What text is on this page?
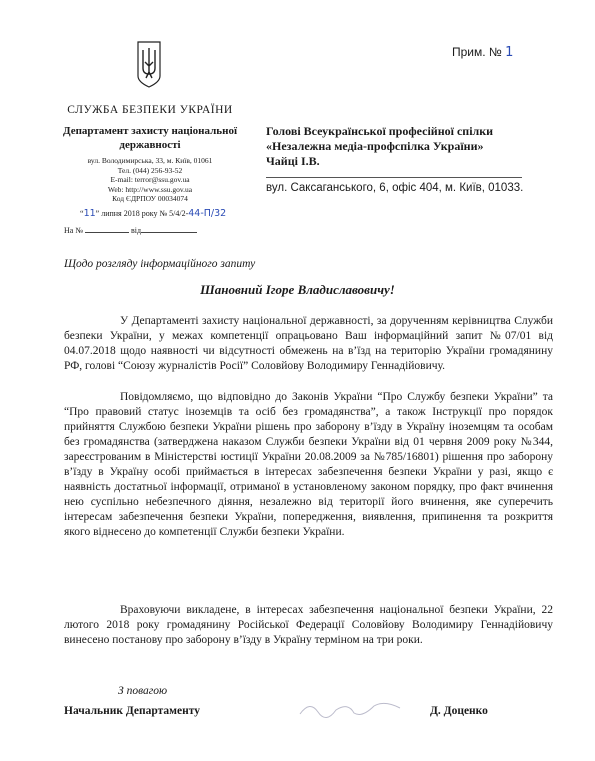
Прим. № 1
СЛУЖБА БЕЗПЕКИ УКРАЇНИ
Департамент захисту національної державності
вул. Володимирська, 33, м. Київ, 01061
Тел. (044) 256-93-52
E-mail: terror@ssu.gov.ua
Web: http://www.ssu.gov.ua
Код ЄДРПОУ 00034074
“11” липня 2018 року № 5/4/2-44-П/32
На №	від
Голові Всеукраїнської професійної спілки
«Незалежна медіа-профспілка України»
Чайці І.В.
вул. Саксаганського, 6, офіс 404, м. Київ, 01033.
Щодо розгляду інформаційного запиту
Шановний Ігоре Владиславовичу!
У Департаменті захисту національної державності, за дорученням керівництва Служби безпеки України, у межах компетенції опрацьовано Ваш інформаційний запит №07/01 від 04.07.2018 щодо наявності чи відсутності обмежень на в’їзд на територію України громадянину РФ, голові “Союзу журналістів Росії” Соловйову Володимиру Геннадійовичу.
Повідомляємо, що відповідно до Законів України “Про Службу безпеки України” та “Про правовий статус іноземців та осіб без громадянства”, а також Інструкції про порядок прийняття Службою безпеки України рішень про заборону в’їзду в Україну іноземцям та особам без громадянства (затверджена наказом Служби безпеки України від 01 червня 2009 року №344, зареєстрованим в Міністерстві юстиції України 20.08.2009 за №785/16801) рішення про заборону в’їзду в Україну особі приймається в інтересах забезпечення безпеки України у разі, якщо є наявність достатньої інформації, отриманої в установленому законом порядку, про факт вчинення нею суспільно небезпечного діяння, незалежно від території його вчинення, яке суперечить інтересам забезпечення безпеки України, попередження, виявлення, припинення та розкриття якого віднесено до компетенції Служби безпеки України.
Враховуючи викладене, в інтересах забезпечення національної безпеки України, 22 лютого 2018 року громадянину Російської Федерації Соловйову Володимиру Геннадійовичу винесено постанову про заборону в’їзду в Україну терміном на три роки.
З повагою
Начальник Департаменту	Д. Доценко
